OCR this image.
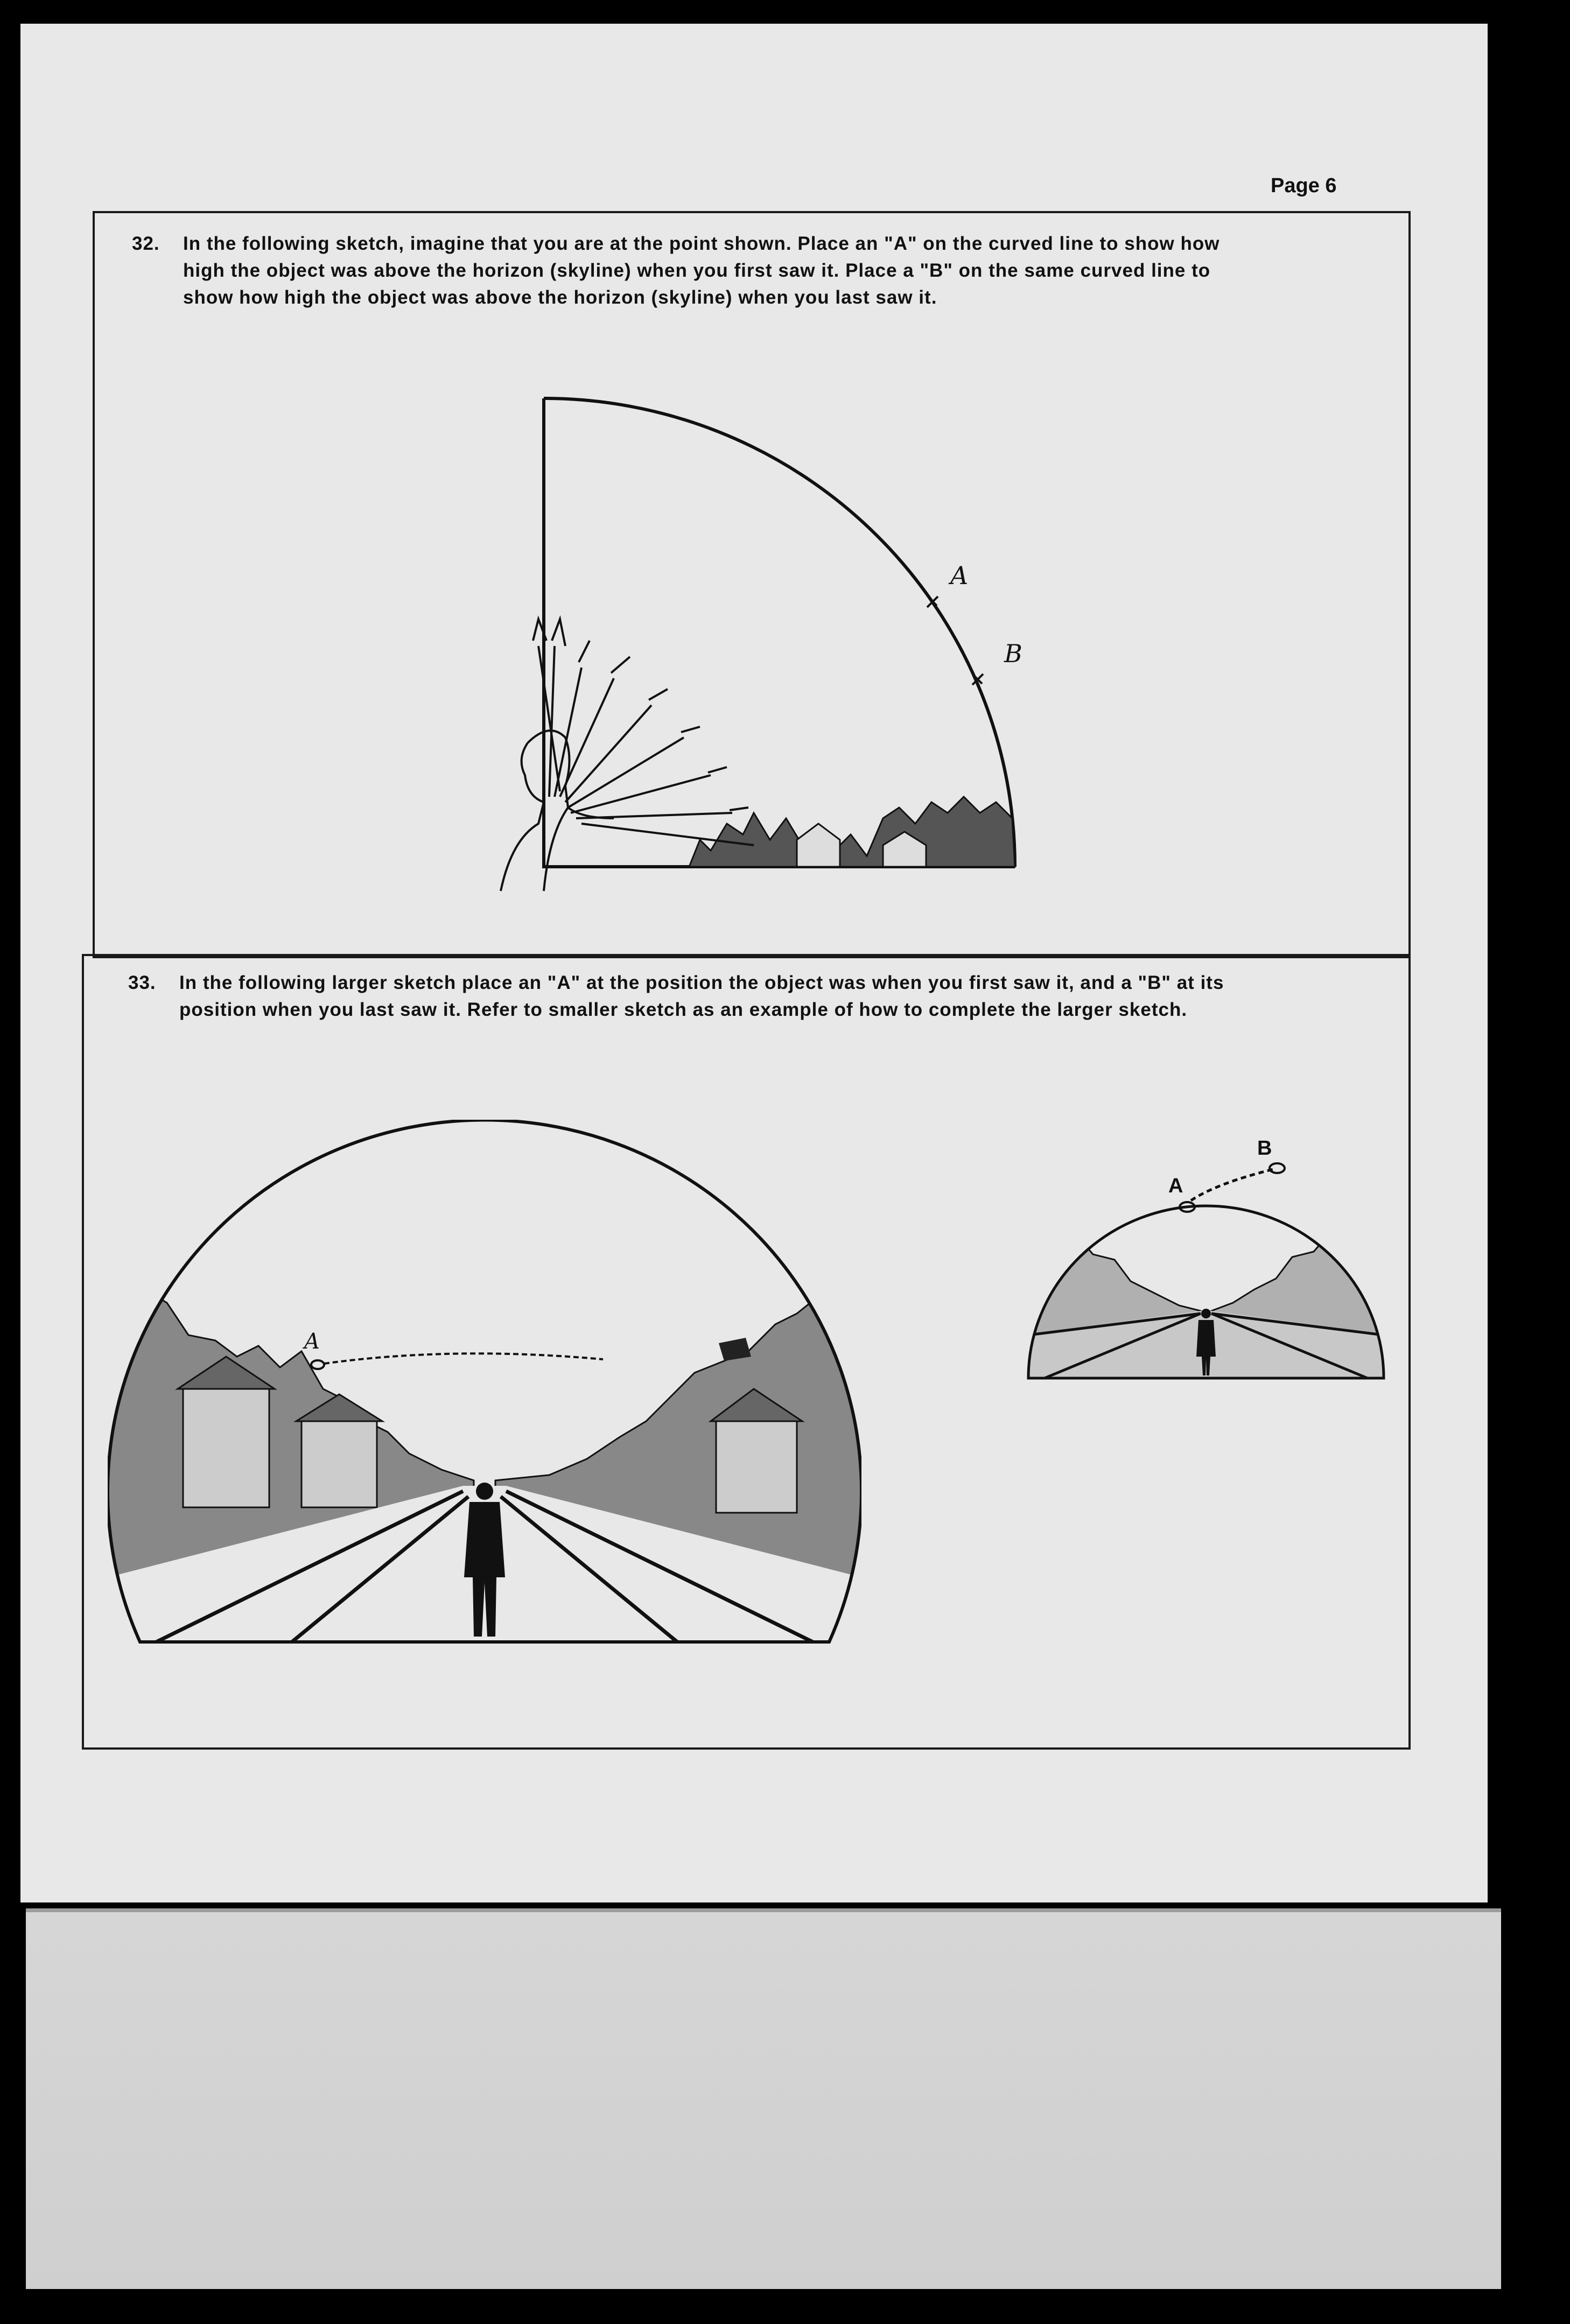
Page 6
32.	In the following sketch, imagine that you are at the point shown. Place an "A" on the curved line to show how
high the object was above the horizon (skyline) when you first saw it. Place a "B" on the same curved line to
show how high the object was above the horizon (skyline) when you last saw it.
A
B
33.	In the following larger sketch place an "A" at the position the object was when you first saw it, and a "B" at its
position when you last saw it. Refer to smaller sketch as an example of how to complete the larger sketch.
A
A
B
